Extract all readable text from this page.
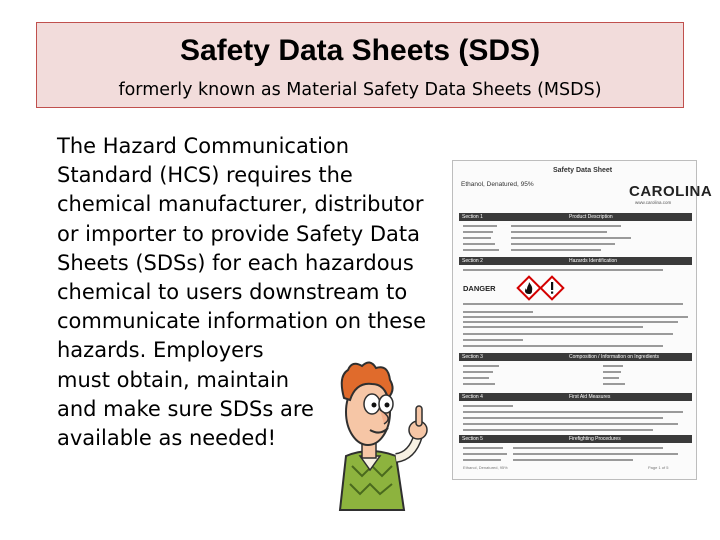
Safety Data Sheets (SDS)
formerly known as Material Safety Data Sheets (MSDS)
The Hazard Communication
Standard (HCS) requires the
chemical manufacturer, distributor
or importer to provide Safety Data
Sheets (SDSs) for each hazardous
chemical to users downstream to
communicate information on these
hazards. Employers
must obtain, maintain
and make sure SDSs are
available as needed!
Safety Data Sheet
Ethanol, Denatured, 95%	CAROLINA
www.carolina.com
Section 1	Product Description
Section 2	Hazards Identification
DANGER
Section 3	Composition / Information on Ingredients
Section 4	First Aid Measures
Section 5	Firefighting Procedures
Ethanol, Denatured, 95%	Page 1 of 5
